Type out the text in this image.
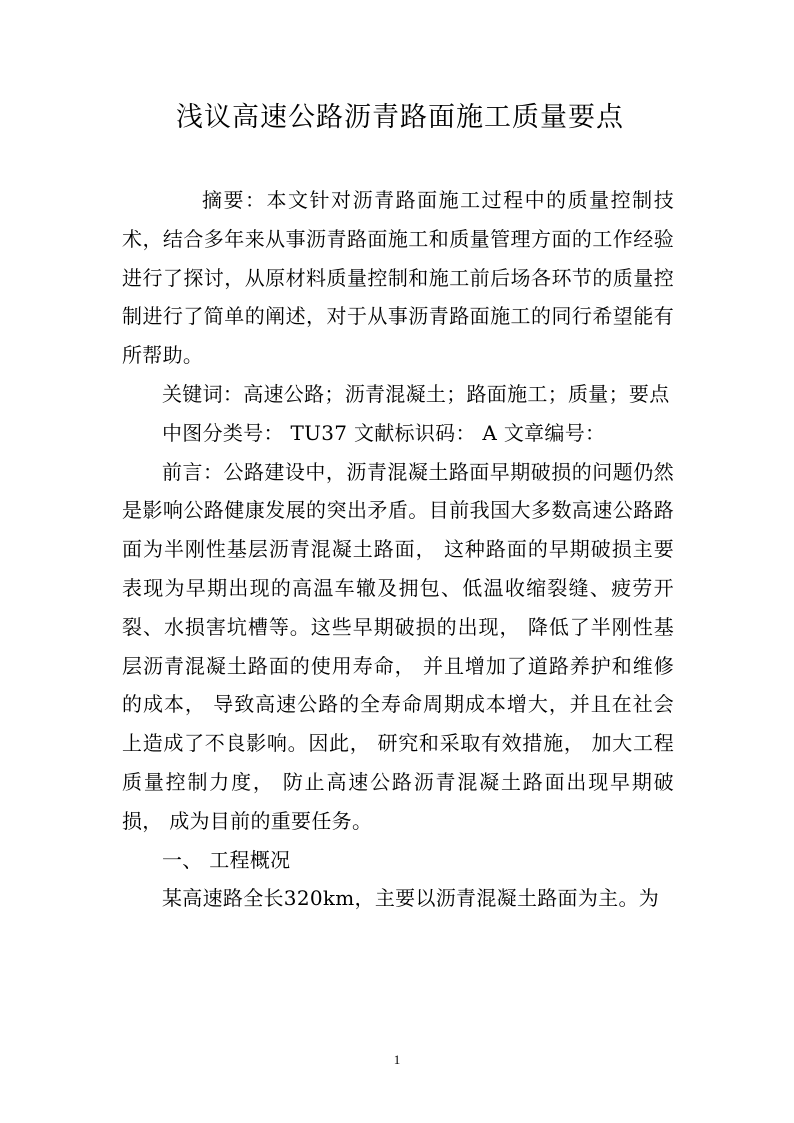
浅议高速公路沥青路面施工质量要点

摘要：本文针对沥青路面施工过程中的质量控制技术，结合多年来从事沥青路面施工和质量管理方面的工作经验进行了探讨，从原材料质量控制和施工前后场各环节的质量控制进行了简单的阐述，对于从事沥青路面施工的同行希望能有所帮助。

关键词：高速公路；沥青混凝土；路面施工；质量；要点

中图分类号： TU37 文献标识码： A 文章编号：

前言：公路建设中，沥青混凝土路面早期破损的问题仍然是影响公路健康发展的突出矛盾。目前我国大多数高速公路路面为半刚性基层沥青混凝土路面， 这种路面的早期破损主要表现为早期出现的高温车辙及拥包、低温收缩裂缝、疲劳开裂、水损害坑槽等。这些早期破损的出现， 降低了半刚性基层沥青混凝土路面的使用寿命， 并且增加了道路养护和维修的成本， 导致高速公路的全寿命周期成本增大，并且在社会上造成了不良影响。因此， 研究和采取有效措施， 加大工程质量控制力度， 防止高速公路沥青混凝土路面出现早期破损， 成为目前的重要任务。

一、 工程概况

某高速路全长320km，主要以沥青混凝土路面为主。为

1
